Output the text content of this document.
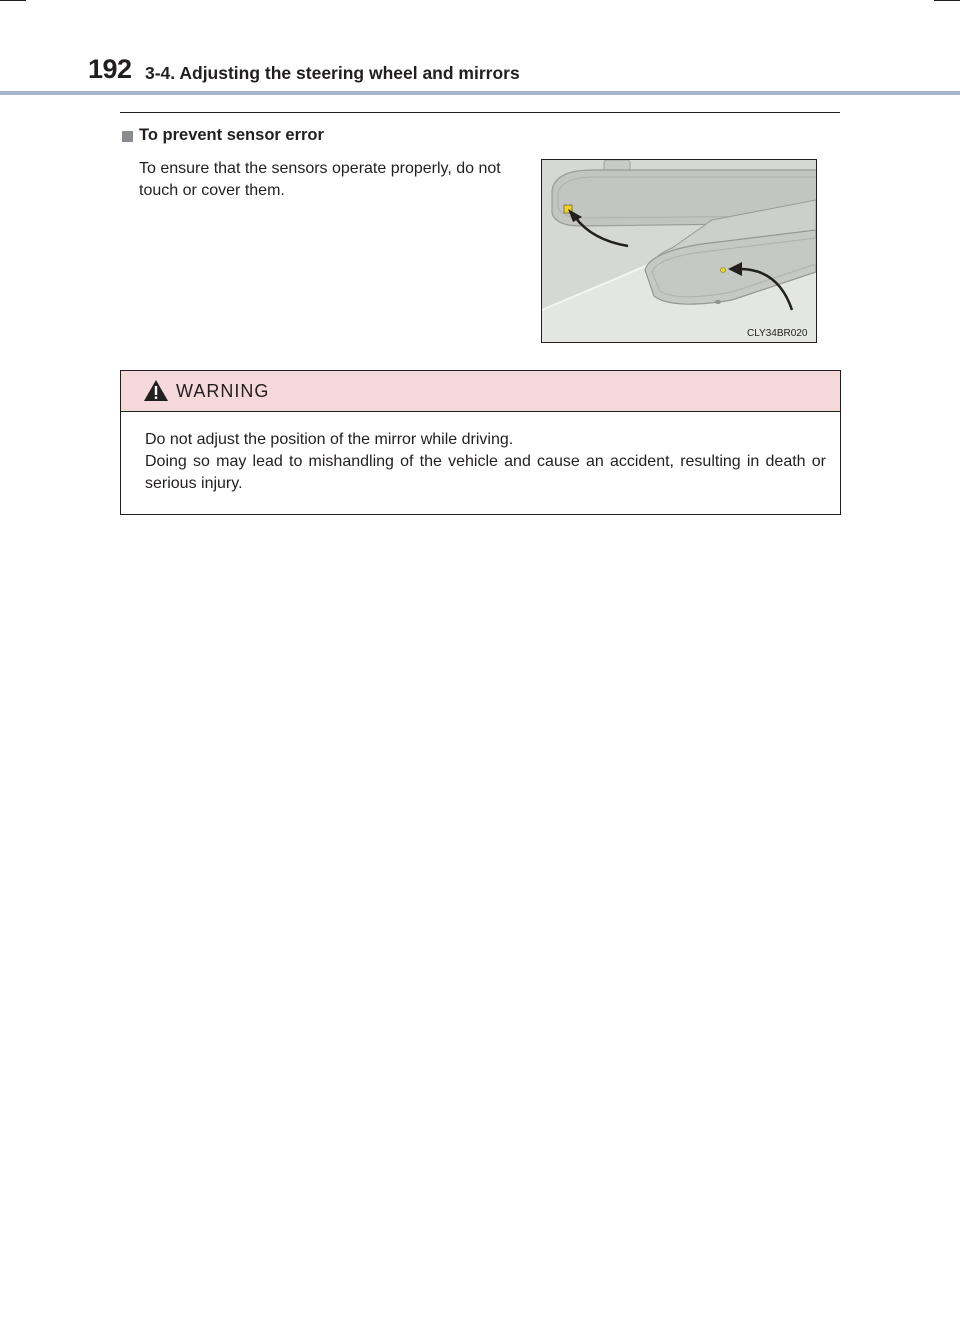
192 3-4. Adjusting the steering wheel and mirrors
To prevent sensor error
To ensure that the sensors operate properly, do not touch or cover them.
CLY34BR020
WARNING

Do not adjust the position of the mirror while driving.

Doing so may lead to mishandling of the vehicle and cause an accident, resulting in death or serious injury.
